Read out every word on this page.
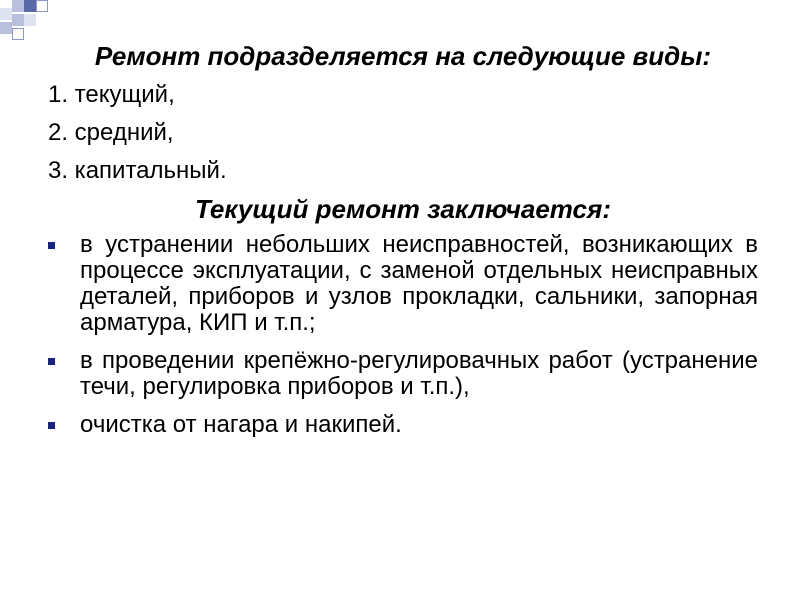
Ремонт подразделяется на следующие виды:

1. текущий,
2. средний,
3. капитальный.

Текущий ремонт заключается:

в устранении небольших неисправностей, возникающих в процессе эксплуатации, с заменой отдельных неисправных деталей, приборов и узлов прокладки, сальники, запорная арматура, КИП и т.п.;
в проведении крепёжно-регулировачных работ (устранение течи, регулировка приборов и т.п.),
очистка от нагара и накипей.
